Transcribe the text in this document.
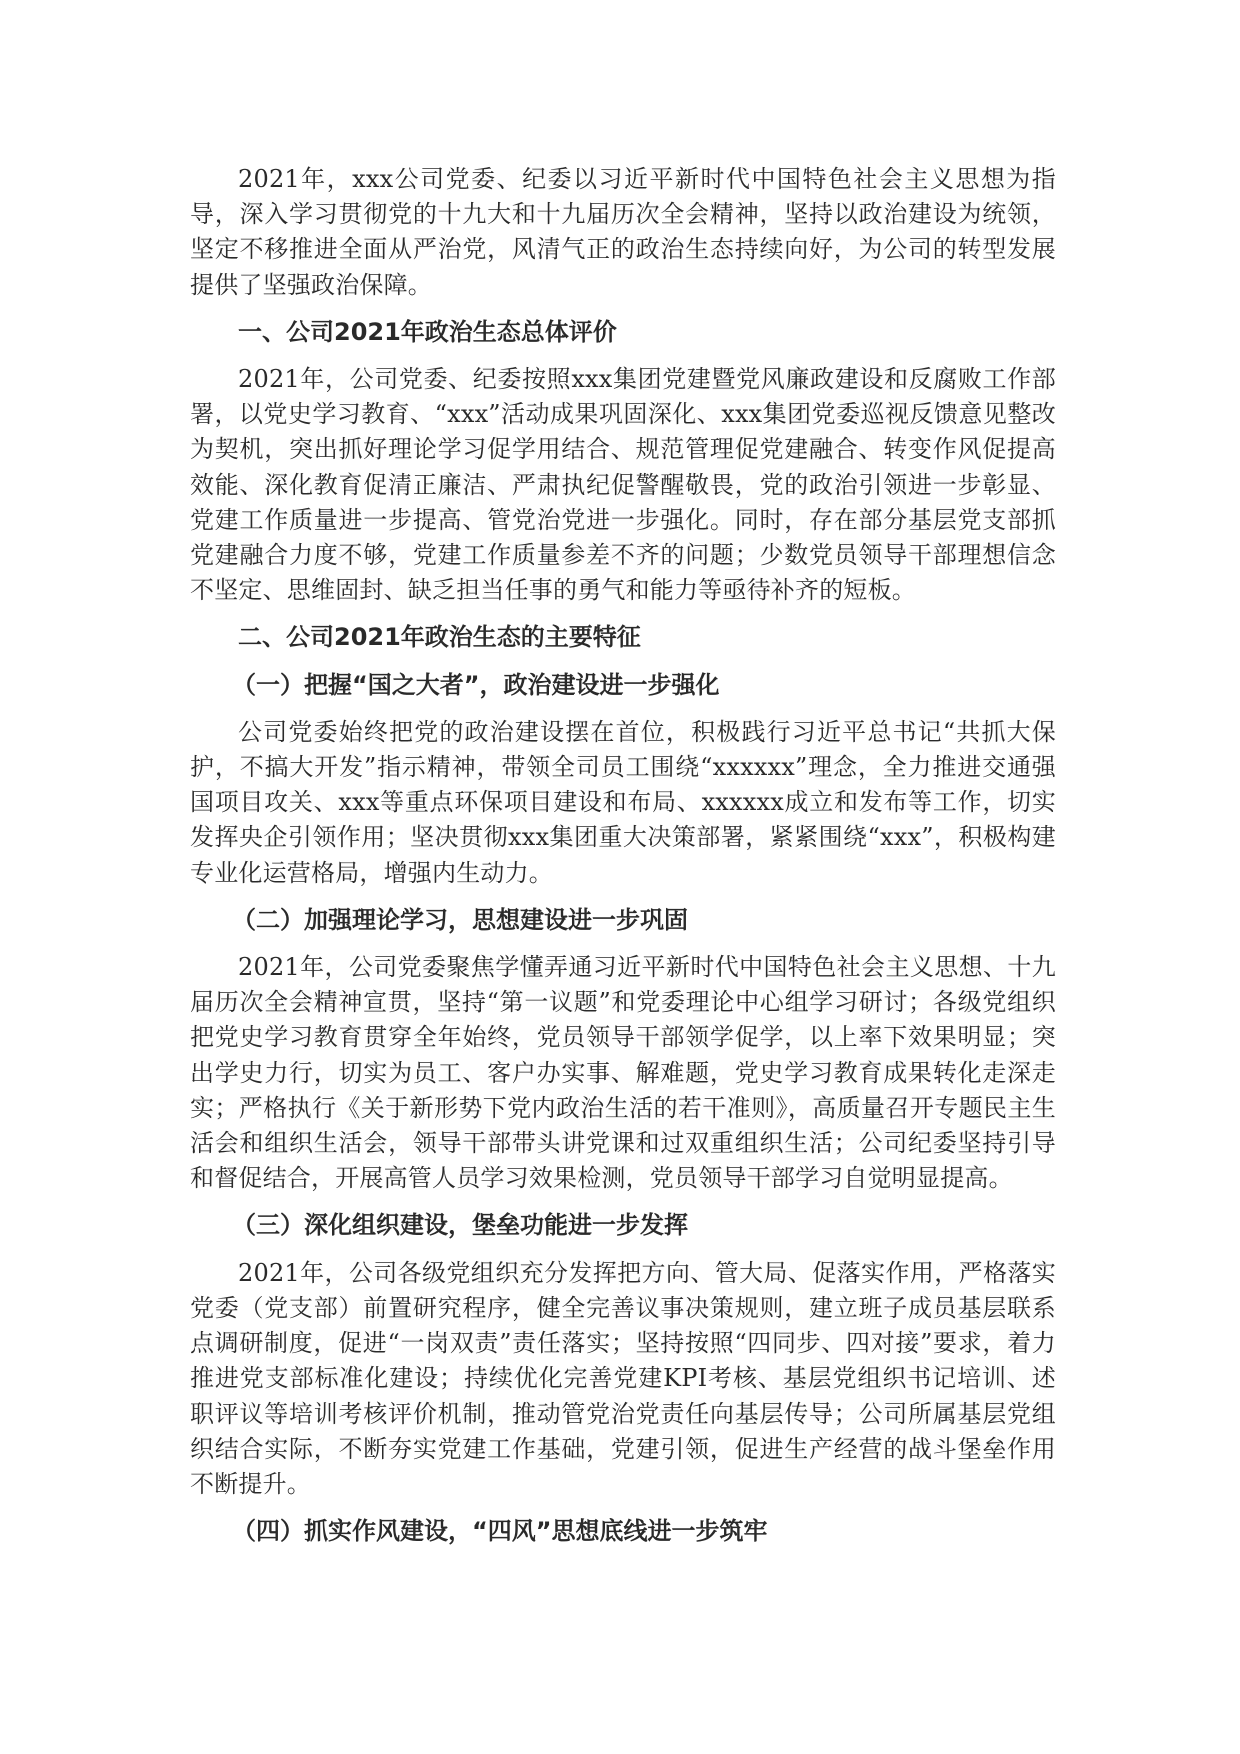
2021年，xxx公司党委、纪委以习近平新时代中国特色社会主义思想为指导，深入学习贯彻党的十九大和十九届历次全会精神，坚持以政治建设为统领，坚定不移推进全面从严治党，风清气正的政治生态持续向好，为公司的转型发展提供了坚强政治保障。

一、公司2021年政治生态总体评价

2021年，公司党委、纪委按照xxx集团党建暨党风廉政建设和反腐败工作部署，以党史学习教育、“xxx”活动成果巩固深化、xxx集团党委巡视反馈意见整改为契机，突出抓好理论学习促学用结合、规范管理促党建融合、转变作风促提高效能、深化教育促清正廉洁、严肃执纪促警醒敬畏，党的政治引领进一步彰显、党建工作质量进一步提高、管党治党进一步强化。同时，存在部分基层党支部抓党建融合力度不够，党建工作质量参差不齐的问题；少数党员领导干部理想信念不坚定、思维固封、缺乏担当任事的勇气和能力等亟待补齐的短板。

二、公司2021年政治生态的主要特征

（一）把握“国之大者”，政治建设进一步强化

公司党委始终把党的政治建设摆在首位，积极践行习近平总书记“共抓大保护，不搞大开发”指示精神，带领全司员工围绕“xxxxxx”理念，全力推进交通强国项目攻关、xxx等重点环保项目建设和布局、xxxxxx成立和发布等工作，切实发挥央企引领作用；坚决贯彻xxx集团重大决策部署，紧紧围绕“xxx”，积极构建专业化运营格局，增强内生动力。

（二）加强理论学习，思想建设进一步巩固

2021年，公司党委聚焦学懂弄通习近平新时代中国特色社会主义思想、十九届历次全会精神宣贯，坚持“第一议题”和党委理论中心组学习研讨；各级党组织把党史学习教育贯穿全年始终，党员领导干部领学促学，以上率下效果明显；突出学史力行，切实为员工、客户办实事、解难题，党史学习教育成果转化走深走实；严格执行《关于新形势下党内政治生活的若干准则》，高质量召开专题民主生活会和组织生活会，领导干部带头讲党课和过双重组织生活；公司纪委坚持引导和督促结合，开展高管人员学习效果检测，党员领导干部学习自觉明显提高。

（三）深化组织建设，堡垒功能进一步发挥

2021年，公司各级党组织充分发挥把方向、管大局、促落实作用，严格落实党委（党支部）前置研究程序，健全完善议事决策规则，建立班子成员基层联系点调研制度，促进“一岗双责”责任落实；坚持按照“四同步、四对接”要求，着力推进党支部标准化建设；持续优化完善党建KPI考核、基层党组织书记培训、述职评议等培训考核评价机制，推动管党治党责任向基层传导；公司所属基层党组织结合实际，不断夯实党建工作基础，党建引领，促进生产经营的战斗堡垒作用不断提升。

（四）抓实作风建设，“四风”思想底线进一步筑牢
